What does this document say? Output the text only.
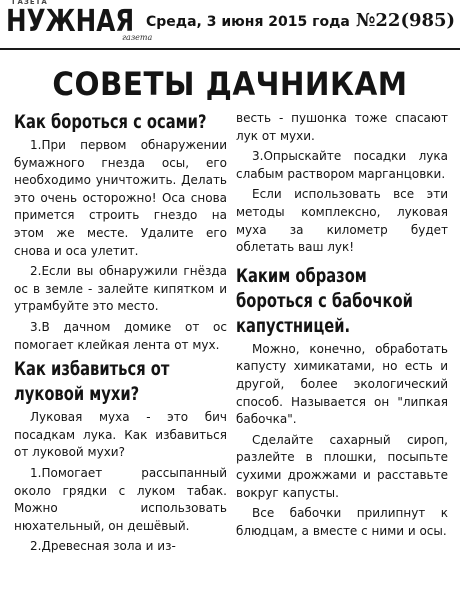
ГАЗЕТА
НУЖНАЯ
газета
Среда, 3 июня 2015 года №22(985)
СОВЕТЫ ДАЧНИКАМ
Как бороться с осами?

1.При первом обнаружении бумажного гнезда осы, его необходимо уничтожить. Делать это очень осторожно! Оса снова примется строить гнездо на этом же месте. Удалите его снова и оса улетит.

2.Если вы обнаружили гнёзда ос в земле - залейте кипятком и утрамбуйте это место.

3.В дачном домике от ос помогает клейкая лента от мух.

Как избавиться от луковой мухи?

Луковая муха - это бич посадкам лука. Как избавиться от луковой мухи?

1.Помогает рассыпанный около грядки с луком табак. Можно использовать нюхательный, он дешёвый.

2.Древесная зола и из-

весть - пушонка тоже спасают лук от мухи.

3.Опрыскайте посадки лука слабым раствором марганцовки.

Если использовать все эти методы комплексно, луковая муха за километр будет облетать ваш лук!

Каким образом бороться с бабочкой капустницей.

Можно, конечно, обработать капусту химикатами, но есть и другой, более экологический способ. Называется он "липкая бабочка".

Сделайте сахарный сироп, разлейте в плошки, посыпьте сухими дрожжами и расставьте вокруг капусты.

Все бабочки прилипнут к блюдцам, а вместе с ними и осы.
